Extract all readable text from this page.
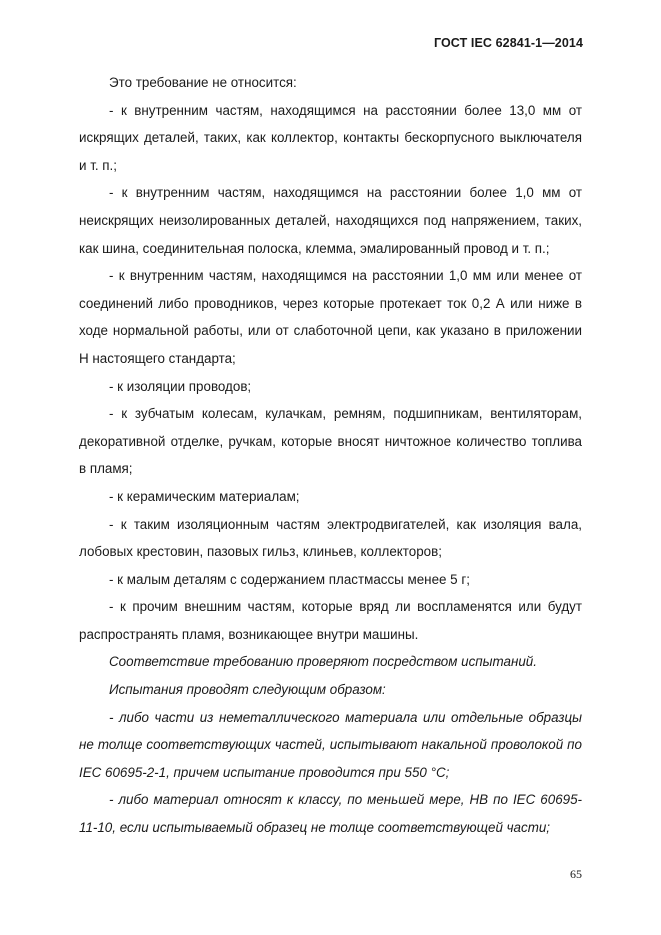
ГОСТ IEC 62841-1—2014

Это требование не относится:

- к внутренним частям, находящимся на расстоянии более 13,0 мм от искрящих деталей, таких, как коллектор, контакты бескорпусного выключателя и т. п.;

- к внутренним частям, находящимся на расстоянии более 1,0 мм от неискрящих неизолированных деталей, находящихся под напряжением, таких, как шина, соединительная полоска, клемма, эмалированный провод и т. п.;

- к внутренним частям, находящимся на расстоянии 1,0 мм или менее от соединений либо проводников, через которые протекает ток 0,2 А или ниже в ходе нормальной работы, или от слаботочной цепи, как указано в приложении Н настоящего стандарта;

- к изоляции проводов;

- к зубчатым колесам, кулачкам, ремням, подшипникам, вентиляторам, декоративной отделке, ручкам, которые вносят ничтожное количество топлива в пламя;

- к керамическим материалам;

- к таким изоляционным частям электродвигателей, как изоляция вала, лобовых крестовин, пазовых гильз, клиньев, коллекторов;

- к малым деталям с содержанием пластмассы менее 5 г;

- к прочим внешним частям, которые вряд ли воспламенятся или будут распространять пламя, возникающее внутри машины.

Соответствие требованию проверяют посредством испытаний.

Испытания проводят следующим образом:

- либо части из неметаллического материала или отдельные образцы не толще соответствующих частей, испытывают накальной проволокой по IEC 60695-2-1, причем испытание проводится при 550 °С;

- либо материал относят к классу, по меньшей мере, HB по IEC 60695-11-10, если испытываемый образец не толще соответствующей части;

65
